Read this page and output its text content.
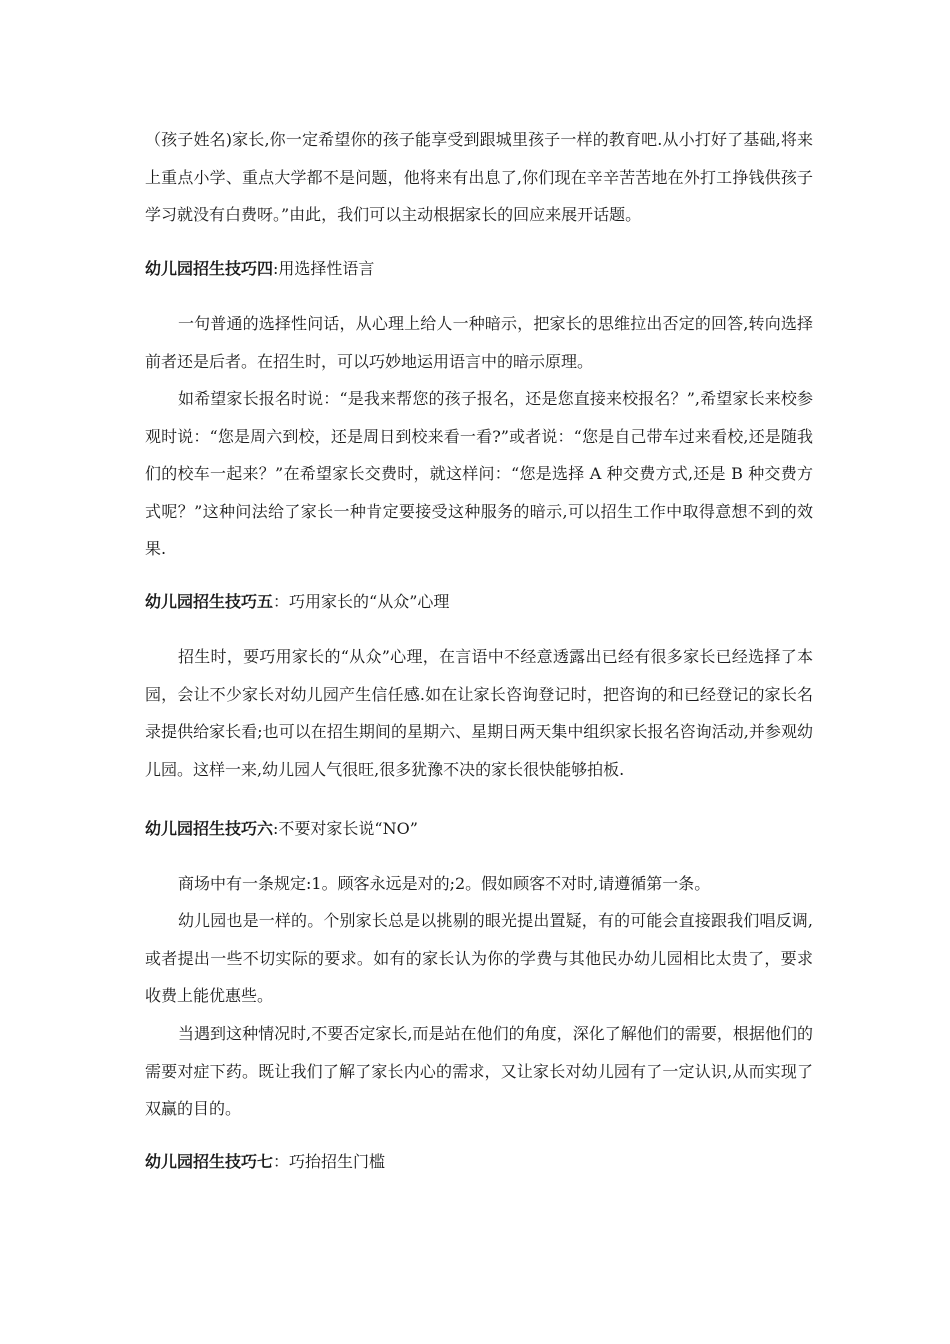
（孩子姓名)家长,你一定希望你的孩子能享受到跟城里孩子一样的教育吧.从小打好了基础,将来上重点小学、重点大学都不是问题，他将来有出息了,你们现在辛辛苦苦地在外打工挣钱供孩子学习就没有白费呀。”由此，我们可以主动根据家长的回应来展开话题。

幼儿园招生技巧四:用选择性语言

一句普通的选择性问话，从心理上给人一种暗示，把家长的思维拉出否定的回答,转向选择前者还是后者。在招生时，可以巧妙地运用语言中的暗示原理。

如希望家长报名时说：“是我来帮您的孩子报名，还是您直接来校报名？”,希望家长来校参观时说：“您是周六到校，还是周日到校来看一看?”或者说：“您是自己带车过来看校,还是随我们的校车一起来？”在希望家长交费时，就这样问：“您是选择 A 种交费方式,还是 B 种交费方式呢？”这种问法给了家长一种肯定要接受这种服务的暗示,可以招生工作中取得意想不到的效果.

幼儿园招生技巧五：巧用家长的“从众”心理

招生时，要巧用家长的“从众”心理，在言语中不经意透露出已经有很多家长已经选择了本园，会让不少家长对幼儿园产生信任感.如在让家长咨询登记时，把咨询的和已经登记的家长名录提供给家长看;也可以在招生期间的星期六、星期日两天集中组织家长报名咨询活动,并参观幼儿园。这样一来,幼儿园人气很旺,很多犹豫不决的家长很快能够拍板.

幼儿园招生技巧六:不要对家长说“NO”

商场中有一条规定:1。顾客永远是对的;2。假如顾客不对时,请遵循第一条。

幼儿园也是一样的。个别家长总是以挑剔的眼光提出置疑，有的可能会直接跟我们唱反调,或者提出一些不切实际的要求。如有的家长认为你的学费与其他民办幼儿园相比太贵了，要求收费上能优惠些。

当遇到这种情况时,不要否定家长,而是站在他们的角度，深化了解他们的需要，根据他们的需要对症下药。既让我们了解了家长内心的需求，又让家长对幼儿园有了一定认识,从而实现了双赢的目的。

幼儿园招生技巧七：巧抬招生门槛
